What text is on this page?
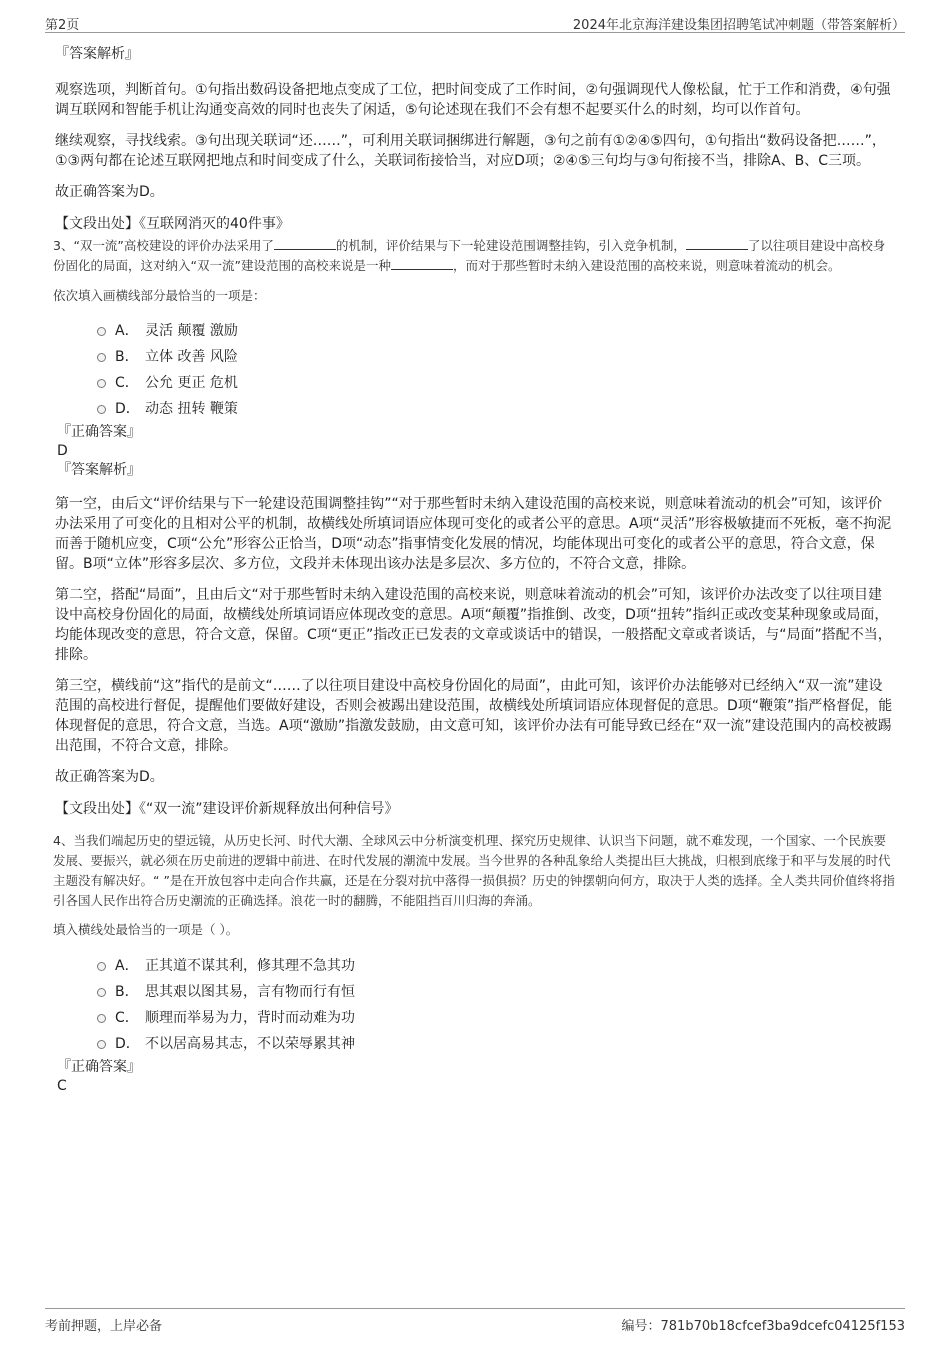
第2页	2024年北京海洋建设集团招聘笔试冲刺题（带答案解析）
『答案解析』

观察选项，判断首句。①句指出数码设备把地点变成了工位，把时间变成了工作时间，②句强调现代人像松鼠，忙于工作和消费，④句强调互联网和智能手机让沟通变高效的同时也丧失了闲适，⑤句论述现在我们不会有想不起要买什么的时刻，均可以作首句。

继续观察，寻找线索。③句出现关联词“还……”，可利用关联词捆绑进行解题，③句之前有①②④⑤四句，①句指出“数码设备把……”，①③两句都在论述互联网把地点和时间变成了什么，关联词衔接恰当，对应D项；②④⑤三句均与③句衔接不当，排除A、B、C三项。

故正确答案为D。

【文段出处】《互联网消灭的40件事》

3、“双一流”高校建设的评价办法采用了	的机制，评价结果与下一轮建设范围调整挂钩，引入竞争机制，	了以往项目建设中高校身份固化的局面，这对纳入“双一流”建设范围的高校来说是一种	，而对于那些暂时未纳入建设范围的高校来说，则意味着流动的机会。

依次填入画横线部分最恰当的一项是：

A． 灵活 颠覆 激励
B． 立体 改善 风险
C． 公允 更正 危机
D． 动态 扭转 鞭策
『正确答案』
D
『答案解析』

第一空，由后文“评价结果与下一轮建设范围调整挂钩”“对于那些暂时未纳入建设范围的高校来说，则意味着流动的机会”可知，该评价办法采用了可变化的且相对公平的机制，故横线处所填词语应体现可变化的或者公平的意思。A项“灵活”形容极敏捷而不死板，毫不拘泥而善于随机应变，C项“公允”形容公正恰当，D项“动态”指事情变化发展的情况，均能体现出可变化的或者公平的意思，符合文意，保留。B项“立体”形容多层次、多方位，文段并未体现出该办法是多层次、多方位的，不符合文意，排除。

第二空，搭配“局面”，且由后文“对于那些暂时未纳入建设范围的高校来说，则意味着流动的机会”可知，该评价办法改变了以往项目建设中高校身份固化的局面，故横线处所填词语应体现改变的意思。A项“颠覆”指推倒、改变，D项“扭转”指纠正或改变某种现象或局面，均能体现改变的意思，符合文意，保留。C项“更正”指改正已发表的文章或谈话中的错误，一般搭配文章或者谈话，与“局面”搭配不当，排除。

第三空，横线前“这”指代的是前文“……了以往项目建设中高校身份固化的局面”，由此可知，该评价办法能够对已经纳入“双一流”建设范围的高校进行督促，提醒他们要做好建设，否则会被踢出建设范围，故横线处所填词语应体现督促的意思。D项“鞭策”指严格督促，能体现督促的意思，符合文意，当选。A项“激励”指激发鼓励，由文意可知，该评价办法有可能导致已经在“双一流”建设范围内的高校被踢出范围，不符合文意，排除。

故正确答案为D。

【文段出处】《“双一流”建设评价新规释放出何种信号》

4、当我们端起历史的望远镜，从历史长河、时代大潮、全球风云中分析演变机理、探究历史规律、认识当下问题，就不难发现，一个国家、一个民族要发展、要振兴，就必须在历史前进的逻辑中前进、在时代发展的潮流中发展。当今世界的各种乱象给人类提出巨大挑战，归根到底缘于和平与发展的时代主题没有解决好。“ ”是在开放包容中走向合作共赢，还是在分裂对抗中落得一损俱损？历史的钟摆朝向何方，取决于人类的选择。全人类共同价值终将指引各国人民作出符合历史潮流的正确选择。浪花一时的翻腾，不能阻挡百川归海的奔涌。

填入横线处最恰当的一项是（ ）。

A． 正其道不谋其利，修其理不急其功
B． 思其艰以图其易，言有物而行有恒
C． 顺理而举易为力，背时而动难为功
D． 不以居高易其志，不以荣辱累其神
『正确答案』
C
考前押题，上岸必备	编号：781b70b18cfcef3ba9dcefc04125f153
